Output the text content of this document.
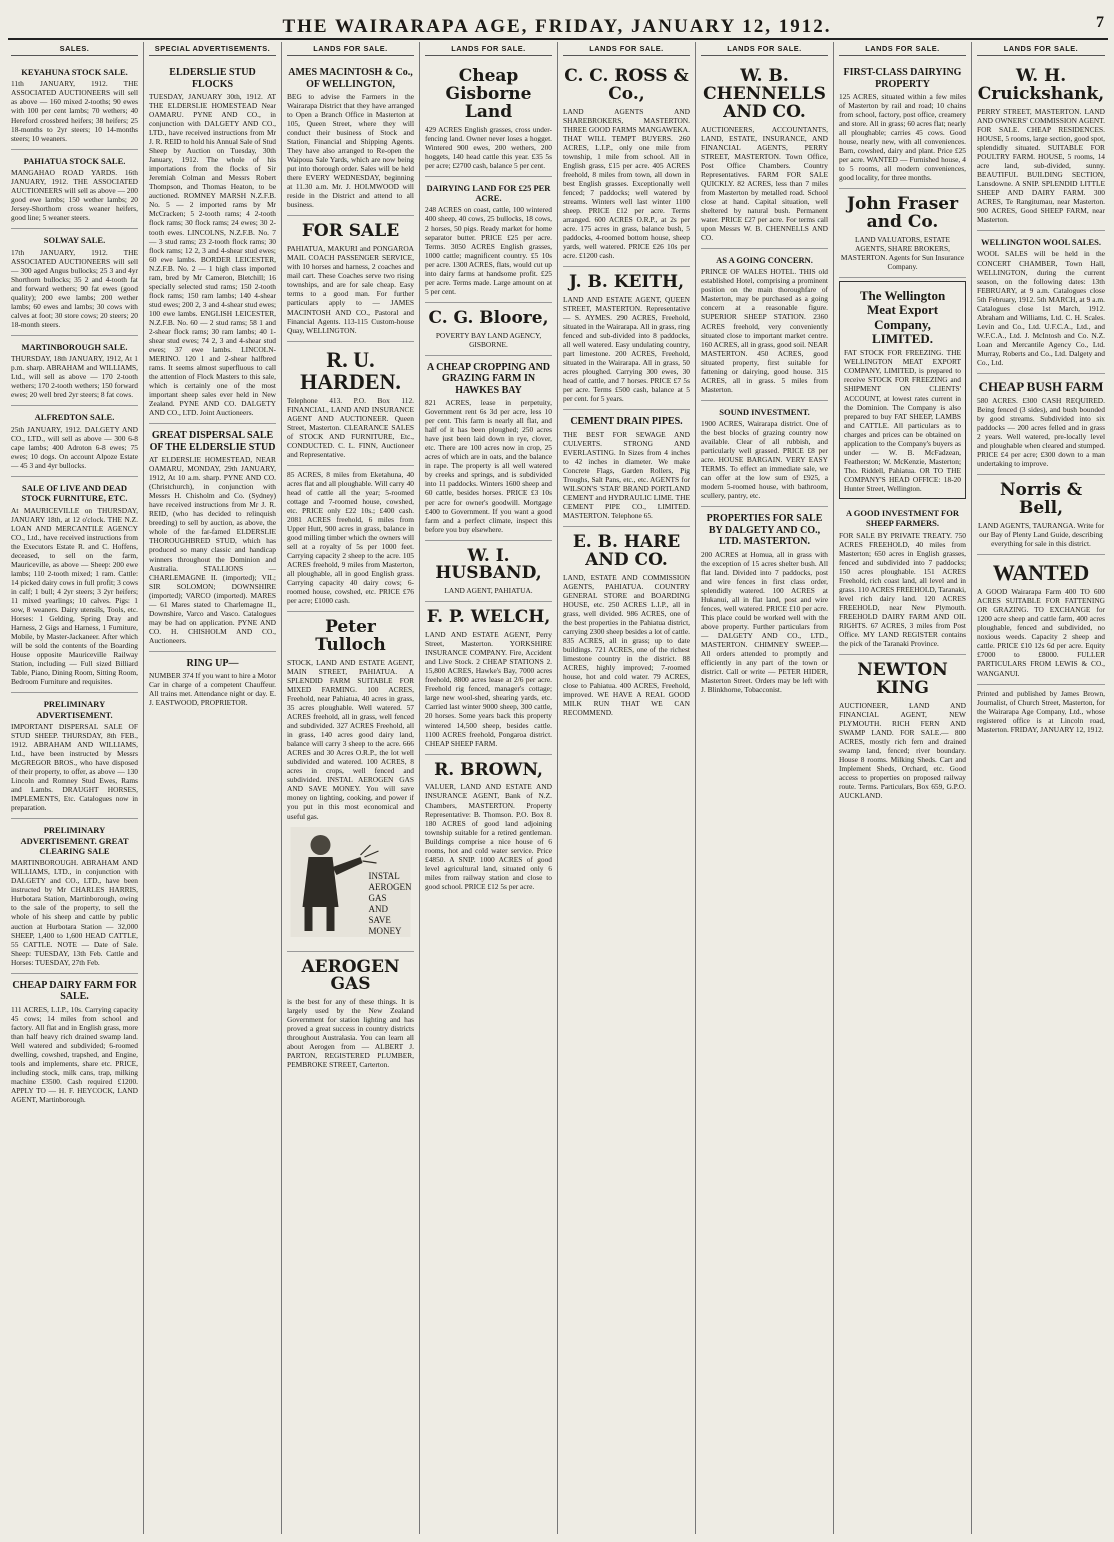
THE WAIRARAPA AGE, FRIDAY, JANUARY 12, 1912.	7
SALES.
KEYAHUNA STOCK SALE.
11th JANUARY, 1912. THE ASSOCIATED AUCTIONEERS will sell as above — 160 mixed 2-tooths; 90 ewes with 100 per cent lambs; 70 wethers; 40 Hereford crossbred heifers; 38 heifers; 25 18-months to 2yr steers; 10 14-months steers; 10 weaners.
PAHIATUA STOCK SALE.
MANGAHAO ROAD YARDS. 16th JANUARY, 1912. THE ASSOCIATED AUCTIONEERS will sell as above — 200 good ewe lambs; 150 wether lambs; 20 Jersey-Shorthorn cross weaner heifers, good line; 5 weaner steers.
SOLWAY SALE.
17th JANUARY, 1912. THE ASSOCIATED AUCTIONEERS will sell — 300 aged Angus bullocks; 25 3 and 4yr Shorthorn bullocks; 35 2 and 4-tooth fat and forward wethers; 90 fat ewes (good quality); 200 ewe lambs; 200 wether lambs; 60 ewes and lambs; 30 cows with calves at foot; 30 store cows; 20 steers; 20 18-month steers.
MARTINBOROUGH SALE.
THURSDAY, 18th JANUARY, 1912, At 1 p.m. sharp. ABRAHAM and WILLIAMS, Ltd., will sell as above — 170 2-tooth wethers; 170 2-tooth wethers; 150 forward ewes; 20 well bred 2yr steers; 8 fat cows.
ALFREDTON SALE.
25th JANUARY, 1912. DALGETY AND CO., LTD., will sell as above — 300 6-8 cape lambs; 400 Adroton 6-8 ewes; 75 ewes; 10 dogs. On account Alpoze Estate — 45 3 and 4yr bullocks.
SALE OF LIVE AND DEAD STOCK FURNITURE, ETC.
At MAURICEVILLE on THURSDAY, JANUARY 18th, at 12 o'clock. THE N.Z. LOAN AND MERCANTILE AGENCY CO., Ltd., have received instructions from the Executors Estate R. and C. Hoffens, deceased, to sell on the farm, Mauriceville, as above — Sheep: 200 ewe lambs; 110 2-tooth mixed; 1 ram. Cattle: 14 picked dairy cows in full profit; 3 cows in calf; 1 bull; 4 2yr steers; 3 2yr heifers; 11 mixed yearlings; 10 calves. Pigs: 1 sow, 8 weaners. Dairy utensils, Tools, etc. Horses: 1 Gelding, Spring Dray and Harness, 2 Gigs and Harness, 1 Furniture, Mobile, by Master-Jackaneer. After which will be sold the contents of the Boarding House opposite Mauriceville Railway Station, including — Full sized Billiard Table, Piano, Dining Room, Sitting Room, Bedroom Furniture and requisites.
PRELIMINARY ADVERTISEMENT.
IMPORTANT DISPERSAL SALE OF STUD SHEEP. THURSDAY, 8th FEB., 1912. ABRAHAM AND WILLIAMS, Ltd., have been instructed by Messrs McGREGOR BROS., who have disposed of their property, to offer, as above — 130 Lincoln and Romney Stud Ewes, Rams and Lambs. DRAUGHT HORSES, IMPLEMENTS, Etc. Catalogues now in preparation.
PRELIMINARY ADVERTISEMENT. GREAT CLEARING SALE
MARTINBOROUGH. ABRAHAM AND WILLIAMS, LTD., in conjunction with DALGETY and CO., LTD., have been instructed by Mr CHARLES HARRIS, Hurbotara Station, Martinborough, owing to the sale of the property, to sell the whole of his sheep and cattle by public auction at Hurbotara Station — 32,000 SHEEP, 1,400 to 1,600 HEAD CATTLE, 55 CATTLE. NOTE — Date of Sale. Sheep: TUESDAY, 13th Feb. Cattle and Horses: TUESDAY, 27th Feb.
CHEAP DAIRY FARM FOR SALE.
111 ACRES, L.I.P., 10s. Carrying capacity 45 cows; 14 miles from school and factory. All flat and in English grass, more than half heavy rich drained swamp land. Well watered and subdivided; 6-roomed dwelling, cowshed, trapshed, and Engine, tools and implements, share etc. PRICE, including stock, milk cans, trap, milking machine £3500. Cash required £1200. APPLY TO — H. F. HEYCOCK, LAND AGENT, Martinborough.
SPECIAL ADVERTISEMENTS.
ELDERSLIE STUD FLOCKS
TUESDAY, JANUARY 30th, 1912. AT THE ELDERSLIE HOMESTEAD Near OAMARU. PYNE AND CO., in conjunction with DALGETY AND CO., LTD., have received instructions from Mr J. R. REID to hold his Annual Sale of Stud Sheep by Auction on Tuesday, 30th January, 1912. The whole of his importations from the flocks of Sir Jeremiah Colman and Messrs Robert Thompson, and Thomas Heaton, to be auctioned. ROMNEY MARSH N.Z.F.B. No. 5 — 2 imported rams by Mr McCracken; 5 2-tooth rams; 4 2-tooth flock rams; 30 flock rams; 24 ewes; 30 2-tooth ewes. LINCOLNS, N.Z.F.B. No. 7 — 3 stud rams; 23 2-tooth flock rams; 30 flock rams; 12 2, 3 and 4-shear stud ewes; 60 ewe lambs. BORDER LEICESTER, N.Z.F.B. No. 2 — 1 high class imported ram, bred by Mr Cameron, Bletchill; 16 specially selected stud rams; 150 2-tooth flock rams; 150 ram lambs; 140 4-shear stud ewes; 200 2, 3 and 4-shear stud ewes; 100 ewe lambs. ENGLISH LEICESTER, N.Z.F.B. No. 60 — 2 stud rams; 58 1 and 2-shear flock rams; 30 ram lambs; 40 1-shear stud ewes; 74 2, 3 and 4-shear stud ewes; 37 ewe lambs. LINCOLN-MERINO. 120 1 and 2-shear halfbred rams. It seems almost superfluous to call the attention of Flock Masters to this sale, which is certainly one of the most important sheep sales ever held in New Zealand. PYNE AND CO. DALGETY AND CO., LTD. Joint Auctioneers.
GREAT DISPERSAL SALE OF THE ELDERSLIE STUD
AT ELDERSLIE HOMESTEAD, NEAR OAMARU, MONDAY, 29th JANUARY, 1912, At 10 a.m. sharp. PYNE AND CO. (Christchurch), in conjunction with Messrs H. Chisholm and Co. (Sydney) have received instructions from Mr J. R. REID, (who has decided to relinquish breeding) to sell by auction, as above, the whole of the far-famed ELDERSLIE THOROUGHBRED STUD, which has produced so many classic and handicap winners throughout the Dominion and Australia. STALLIONS — CHARLEMAGNE II. (imported); VIL; SIR SOLOMON; DOWNSHIRE (imported); VARCO (imported). MARES — 61 Mares stated to Charlemagne II., Downshire, Varco and Vasco. Catalogues may be had on application. PYNE AND CO. H. CHISHOLM AND CO., Auctioneers.
RING UP—
NUMBER 374 If you want to hire a Motor Car in charge of a competent Chauffeur. All trains met. Attendance night or day. E. J. EASTWOOD, PROPRIETOR.
LANDS FOR SALE.
AMES MACINTOSH & Co., OF WELLINGTON,
BEG to advise the Farmers in the Wairarapa District that they have arranged to Open a Branch Office in Masterton at 105, Queen Street, where they will conduct their business of Stock and Station, Financial and Shipping Agents. They have also arranged to Re-open the Waipoua Sale Yards, which are now being put into thorough order. Sales will be held there EVERY WEDNESDAY, beginning at 11.30 a.m. Mr. J. HOLMWOOD will reside in the District and attend to all business.
FOR SALE
PAHIATUA, MAKURI and PONGAROA MAIL COACH PASSENGER SERVICE, with 10 horses and harness, 2 coaches and mail cart. These Coaches serve two rising townships, and are for sale cheap. Easy terms to a good man. For further particulars apply to — JAMES MACINTOSH AND CO., Pastoral and Financial Agents. 113-115 Custom-house Quay, WELLINGTON.
R. U. HARDEN.
Telephone 413. P.O. Box 112. FINANCIAL, LAND AND INSURANCE AGENT AND AUCTIONEER. Queen Street, Masterton. CLEARANCE SALES of STOCK AND FURNITURE, Etc., CONDUCTED. C. L. FINN, Auctioneer and Representative.
85 ACRES, 8 miles from Eketahuna, 40 acres flat and all ploughable. Will carry 40 head of cattle all the year; 5-roomed cottage and 7-roomed house, cowshed, etc. PRICE only £22 10s.; £400 cash. 2081 ACRES freehold, 6 miles from Upper Hutt, 900 acres in grass, balance in good milling timber which the owners will sell at a royalty of 5s per 1000 feet. Carrying capacity 2 sheep to the acre. 105 ACRES freehold, 9 miles from Masterton, all ploughable, all in good English grass. Carrying capacity 40 dairy cows; 6-roomed house, cowshed, etc. PRICE £76 per acre; £1000 cash.
Peter Tulloch
STOCK, LAND AND ESTATE AGENT, MAIN STREET, PAHIATUA. A SPLENDID FARM SUITABLE FOR MIXED FARMING. 100 ACRES, Freehold, near Pahiatua, 40 acres in grass, 35 acres ploughable. Well watered. 57 ACRES freehold, all in grass, well fenced and subdivided. 327 ACRES Freehold, all in grass, 140 acres good dairy land, balance will carry 3 sheep to the acre. 666 ACRES and 30 Acres O.R.P., the lot well subdivided and watered. 100 ACRES, 8 acres in crops, well fenced and subdivided. INSTAL AEROGEN GAS AND SAVE MONEY. You will save money on lighting, cooking, and power if you put in this most economical and useful gas.
INSTAL
AEROGEN
GAS
AND
SAVE
MONEY
AEROGEN GAS
is the best for any of these things. It is largely used by the New Zealand Government for station lighting and has proved a great success in country districts throughout Australasia. You can learn all about Aerogen from — ALBERT J. PARTON, REGISTERED PLUMBER, PEMBROKE STREET, Carterton.
LANDS FOR SALE.
Cheap Gisborne Land
429 ACRES English grasses, cross under-fencing land. Owner never loses a hogget. Wintered 900 ewes, 200 wethers, 200 hoggets, 140 head cattle this year. £35 5s per acre; £2700 cash, balance 5 per cent.
DAIRYING LAND FOR £25 PER ACRE.
248 ACRES on coast, cattle, 100 wintered 400 sheep, 40 cows, 25 bullocks, 18 cows, 2 horses, 50 pigs. Ready market for home separator butter. PRICE £25 per acre. Terms. 3050 ACRES English grasses, 1000 cattle; magnificent country. £5 10s per acre. 1300 ACRES, flats, would cut up into dairy farms at handsome profit. £25 per acre. Terms made. Large amount on at 5 per cent.
C. G. Bloore,
POVERTY BAY LAND AGENCY, GISBORNE.
A CHEAP CROPPING AND GRAZING FARM IN HAWKES BAY
821 ACRES, lease in perpetuity, Government rent 6s 3d per acre, less 10 per cent. This farm is nearly all flat, and half of it has been ploughed; 250 acres have just been laid down in rye, clover, etc. There are 100 acres now in crop, 25 acres of which are in oats, and the balance in rape. The property is all well watered by creeks and springs, and is subdivided into 11 paddocks. Winters 1600 sheep and 60 cattle, besides horses. PRICE £3 10s per acre for owner's goodwill. Mortgage £400 to Government. If you want a good farm and a perfect climate, inspect this before you buy elsewhere.
W. I. HUSBAND,
LAND AGENT, PAHIATUA.
F. P. WELCH,
LAND AND ESTATE AGENT, Perry Street, Masterton. YORKSHIRE INSURANCE COMPANY. Fire, Accident and Live Stock. 2 CHEAP STATIONS 2. 15,800 ACRES, Hawke's Bay, 7000 acres freehold, 8800 acres lease at 2/6 per acre. Freehold rig fenced, manager's cottage; large new wool-shed, shearing yards, etc. Carried last winter 9000 sheep, 300 cattle, 20 horses. Some years back this property wintered 14,500 sheep, besides cattle. 1100 ACRES freehold, Pongaroa district. CHEAP SHEEP FARM.
R. BROWN,
VALUER, LAND AND ESTATE AND INSURANCE AGENT, Bank of N.Z. Chambers, MASTERTON. Property Representative: B. Thomson. P.O. Box 8. 180 ACRES of good land adjoining township suitable for a retired gentleman. Buildings comprise a nice house of 6 rooms, hot and cold water service. Price £4850. A SNIP. 1000 ACRES of good level agricultural land, situated only 6 miles from railway station and close to good school. PRICE £12 5s per acre.
LANDS FOR SALE.
C. C. ROSS & Co.,
LAND AGENTS AND SHAREBROKERS, MASTERTON. THREE GOOD FARMS MANGAWEKA. THAT WILL TEMPT BUYERS. 260 ACRES, L.I.P., only one mile from township, 1 mile from school. All in English grass, £15 per acre. 405 ACRES freehold, 8 miles from town, all down in best English grasses. Exceptionally well fenced; 7 paddocks; well watered by streams. Winters well last winter 1100 sheep. PRICE £12 per acre. Terms arranged. 600 ACRES O.R.P., at 2s per acre. 175 acres in grass, balance bush, 5 paddocks, 4-roomed bottom house, sheep yards, well watered. PRICE £26 10s per acre. £1200 cash.
J. B. KEITH,
LAND AND ESTATE AGENT, QUEEN STREET, MASTERTON. Representative — S. AYMES. 290 ACRES, Freehold, situated in the Wairarapa. All in grass, ring fenced and sub-divided into 8 paddocks, all well watered. Easy undulating country, part limestone. 200 ACRES, Freehold, situated in the Wairarapa. All in grass, 50 acres ploughed. Carrying 300 ewes, 30 head of cattle, and 7 horses. PRICE £7 5s per acre. Terms £500 cash, balance at 5 per cent. for 5 years.
CEMENT DRAIN PIPES.
THE BEST FOR SEWAGE AND CULVERTS. STRONG AND EVERLASTING. In Sizes from 4 inches to 42 inches in diameter. We make Concrete Flags, Garden Rollers, Pig Troughs, Salt Pans, etc., etc. AGENTS for WILSON'S 'STAR' BRAND PORTLAND CEMENT and HYDRAULIC LIME. THE CEMENT PIPE CO., LIMITED. MASTERTON. Telephone 65.
E. B. HARE AND CO.
LAND, ESTATE AND COMMISSION AGENTS, PAHIATUA. COUNTRY GENERAL STORE and BOARDING HOUSE, etc. 250 ACRES L.I.P., all in grass, well divided. 986 ACRES, one of the best properties in the Pahiatua district, carrying 2300 sheep besides a lot of cattle. 835 ACRES, all in grass; up to date buildings. 721 ACRES, one of the richest limestone country in the district. 88 ACRES, highly improved; 7-roomed house, hot and cold water. 79 ACRES, close to Pahiatua. 400 ACRES, Freehold, improved. WE HAVE A REAL GOOD MILK RUN THAT WE CAN RECOMMEND.
LANDS FOR SALE.
W. B. CHENNELLS AND CO.
AUCTIONEERS, ACCOUNTANTS, LAND, ESTATE, INSURANCE, AND FINANCIAL AGENTS, PERRY STREET, MASTERTON. Town Office, Post Office Chambers. Country Representatives. FARM FOR SALE QUICKLY. 82 ACRES, less than 7 miles from Masterton by metalled road. School close at hand. Capital situation, well sheltered by natural bush. Permanent water. PRICE £27 per acre. For terms call upon Messrs W. B. CHENNELLS AND CO.
AS A GOING CONCERN.
PRINCE OF WALES HOTEL. THIS old established Hotel, comprising a prominent position on the main thoroughfare of Masterton, may be purchased as a going concern at a reasonable figure. SUPERIOR SHEEP STATION. 2360 ACRES freehold, very conveniently situated close to important market centre. 160 ACRES, all in grass, good soil. NEAR MASTERTON. 450 ACRES, good situated property, first suitable for fattening or dairying, good house. 315 ACRES, all in grass. 5 miles from Masterton.
SOUND INVESTMENT.
1900 ACRES, Wairarapa district. One of the best blocks of grazing country now available. Clear of all rubbish, and particularly well grassed. PRICE £8 per acre. HOUSE BARGAIN. VERY EASY TERMS. To effect an immediate sale, we can offer at the low sum of £925, a modern 5-roomed house, with bathroom, scullery, pantry, etc.
PROPERTIES FOR SALE BY DALGETY AND CO., LTD. MASTERTON.
200 ACRES at Homua, all in grass with the exception of 15 acres shelter bush. All flat land. Divided into 7 paddocks, post and wire fences in first class order, splendidly watered. 100 ACRES at Hukanui, all in flat land, post and wire fences, well watered. PRICE £10 per acre. This place could be worked well with the above property. Further particulars from — DALGETY AND CO., LTD., MASTERTON. CHIMNEY SWEEP.— All orders attended to promptly and efficiently in any part of the town or district. Call or write — PETER HIDER, Masterton Street. Orders may be left with J. Blinkhorne, Tobacconist.
LANDS FOR SALE.
FIRST-CLASS DAIRYING PROPERTY
125 ACRES, situated within a few miles of Masterton by rail and road; 10 chains from school, factory, post office, creamery and store. All in grass; 60 acres flat; nearly all ploughable; carries 45 cows. Good house, nearly new, with all conveniences. Barn, cowshed, dairy and plant. Price £25 per acre. WANTED — Furnished house, 4 to 5 rooms, all modern conveniences, good locality, for three months.
John Fraser and Co.
LAND VALUATORS, ESTATE AGENTS, SHARE BROKERS, MASTERTON. Agents for Sun Insurance Company.
The Wellington Meat Export Company, LIMITED.
FAT STOCK FOR FREEZING. THE WELLINGTON MEAT EXPORT COMPANY, LIMITED, is prepared to receive STOCK FOR FREEZING and SHIPMENT ON CLIENTS' ACCOUNT, at lowest rates current in the Dominion. The Company is also prepared to buy FAT SHEEP, LAMBS and CATTLE. All particulars as to charges and prices can be obtained on application to the Company's buyers as under — W. B. McFadzean, Featherston; W. McKenzie, Masterton; Tho. Riddell, Pahiatua. OR TO THE COMPANY'S HEAD OFFICE: 18-20 Hunter Street, Wellington.
A GOOD INVESTMENT FOR SHEEP FARMERS.
FOR SALE BY PRIVATE TREATY. 750 ACRES FREEHOLD, 40 miles from Masterton; 650 acres in English grasses, fenced and subdivided into 7 paddocks; 150 acres ploughable. 151 ACRES Freehold, rich coast land, all level and in grass. 110 ACRES FREEHOLD, Taranaki, level rich dairy land. 120 ACRES FREEHOLD, near New Plymouth. FREEHOLD DAIRY FARM AND OIL RIGHTS. 67 ACRES, 3 miles from Post Office. MY LAND REGISTER contains the pick of the Taranaki Province.
NEWTON KING
AUCTIONEER, LAND AND FINANCIAL AGENT, NEW PLYMOUTH. RICH FERN AND SWAMP LAND. FOR SALE.— 800 ACRES, mostly rich fern and drained swamp land, fenced; river boundary. House 8 rooms. Milking Sheds. Cart and Implement Sheds, Orchard, etc. Good access to properties on proposed railway route. Terms. Particulars, Box 659, G.P.O. AUCKLAND.
LANDS FOR SALE.
W. H. Cruickshank,
PERRY STREET, MASTERTON. LAND AND OWNERS' COMMISSION AGENT. FOR SALE. CHEAP RESIDENCES. HOUSE, 5 rooms, large section, good spot, splendidly situated. SUITABLE FOR POULTRY FARM. HOUSE, 5 rooms, 14 acre land, sub-divided, sunny. BEAUTIFUL BUILDING SECTION, Lansdowne. A SNIP. SPLENDID LITTLE SHEEP AND DAIRY FARM. 300 ACRES, Te Rangitumau, near Masterton. 900 ACRES, Good SHEEP FARM, near Masterton.
WELLINGTON WOOL SALES.
WOOL SALES will be held in the CONCERT CHAMBER, Town Hall, WELLINGTON, during the current season, on the following dates: 13th FEBRUARY, at 9 a.m. Catalogues close 5th February, 1912. 5th MARCH, at 9 a.m. Catalogues close 1st March, 1912. Abraham and Williams, Ltd. C. H. Scales. Levin and Co., Ltd. U.F.C.A., Ltd., and W.F.C.A., Ltd. J. McIntosh and Co. N.Z. Loan and Mercantile Agency Co., Ltd. Murray, Roberts and Co., Ltd. Dalgety and Co., Ltd.
CHEAP BUSH FARM
580 ACRES. £300 CASH REQUIRED. Being fenced (3 sides), and bush bounded by good streams. Subdivided into six paddocks — 200 acres felled and in grass 2 years. Well watered, pre-locally level and ploughable when cleared and stumped. PRICE £4 per acre; £300 down to a man undertaking to improve.
Norris & Bell,
LAND AGENTS, TAURANGA. Write for our Bay of Plenty Land Guide, describing everything for sale in this district.
WANTED
A GOOD Wairarapa Farm 400 TO 600 ACRES SUITABLE FOR FATTENING OR GRAZING. TO EXCHANGE for 1200 acre sheep and cattle farm, 400 acres ploughable, fenced and subdivided, no noxious weeds. Capacity 2 sheep and cattle. PRICE £10 12s 6d per acre. Equity £7000 to £8000. FULLER PARTICULARS FROM LEWIS & CO., WANGANUI.
Printed and published by James Brown, Journalist, of Church Street, Masterton, for the Wairarapa Age Company, Ltd., whose registered office is at Lincoln road, Masterton. FRIDAY, JANUARY 12, 1912.
